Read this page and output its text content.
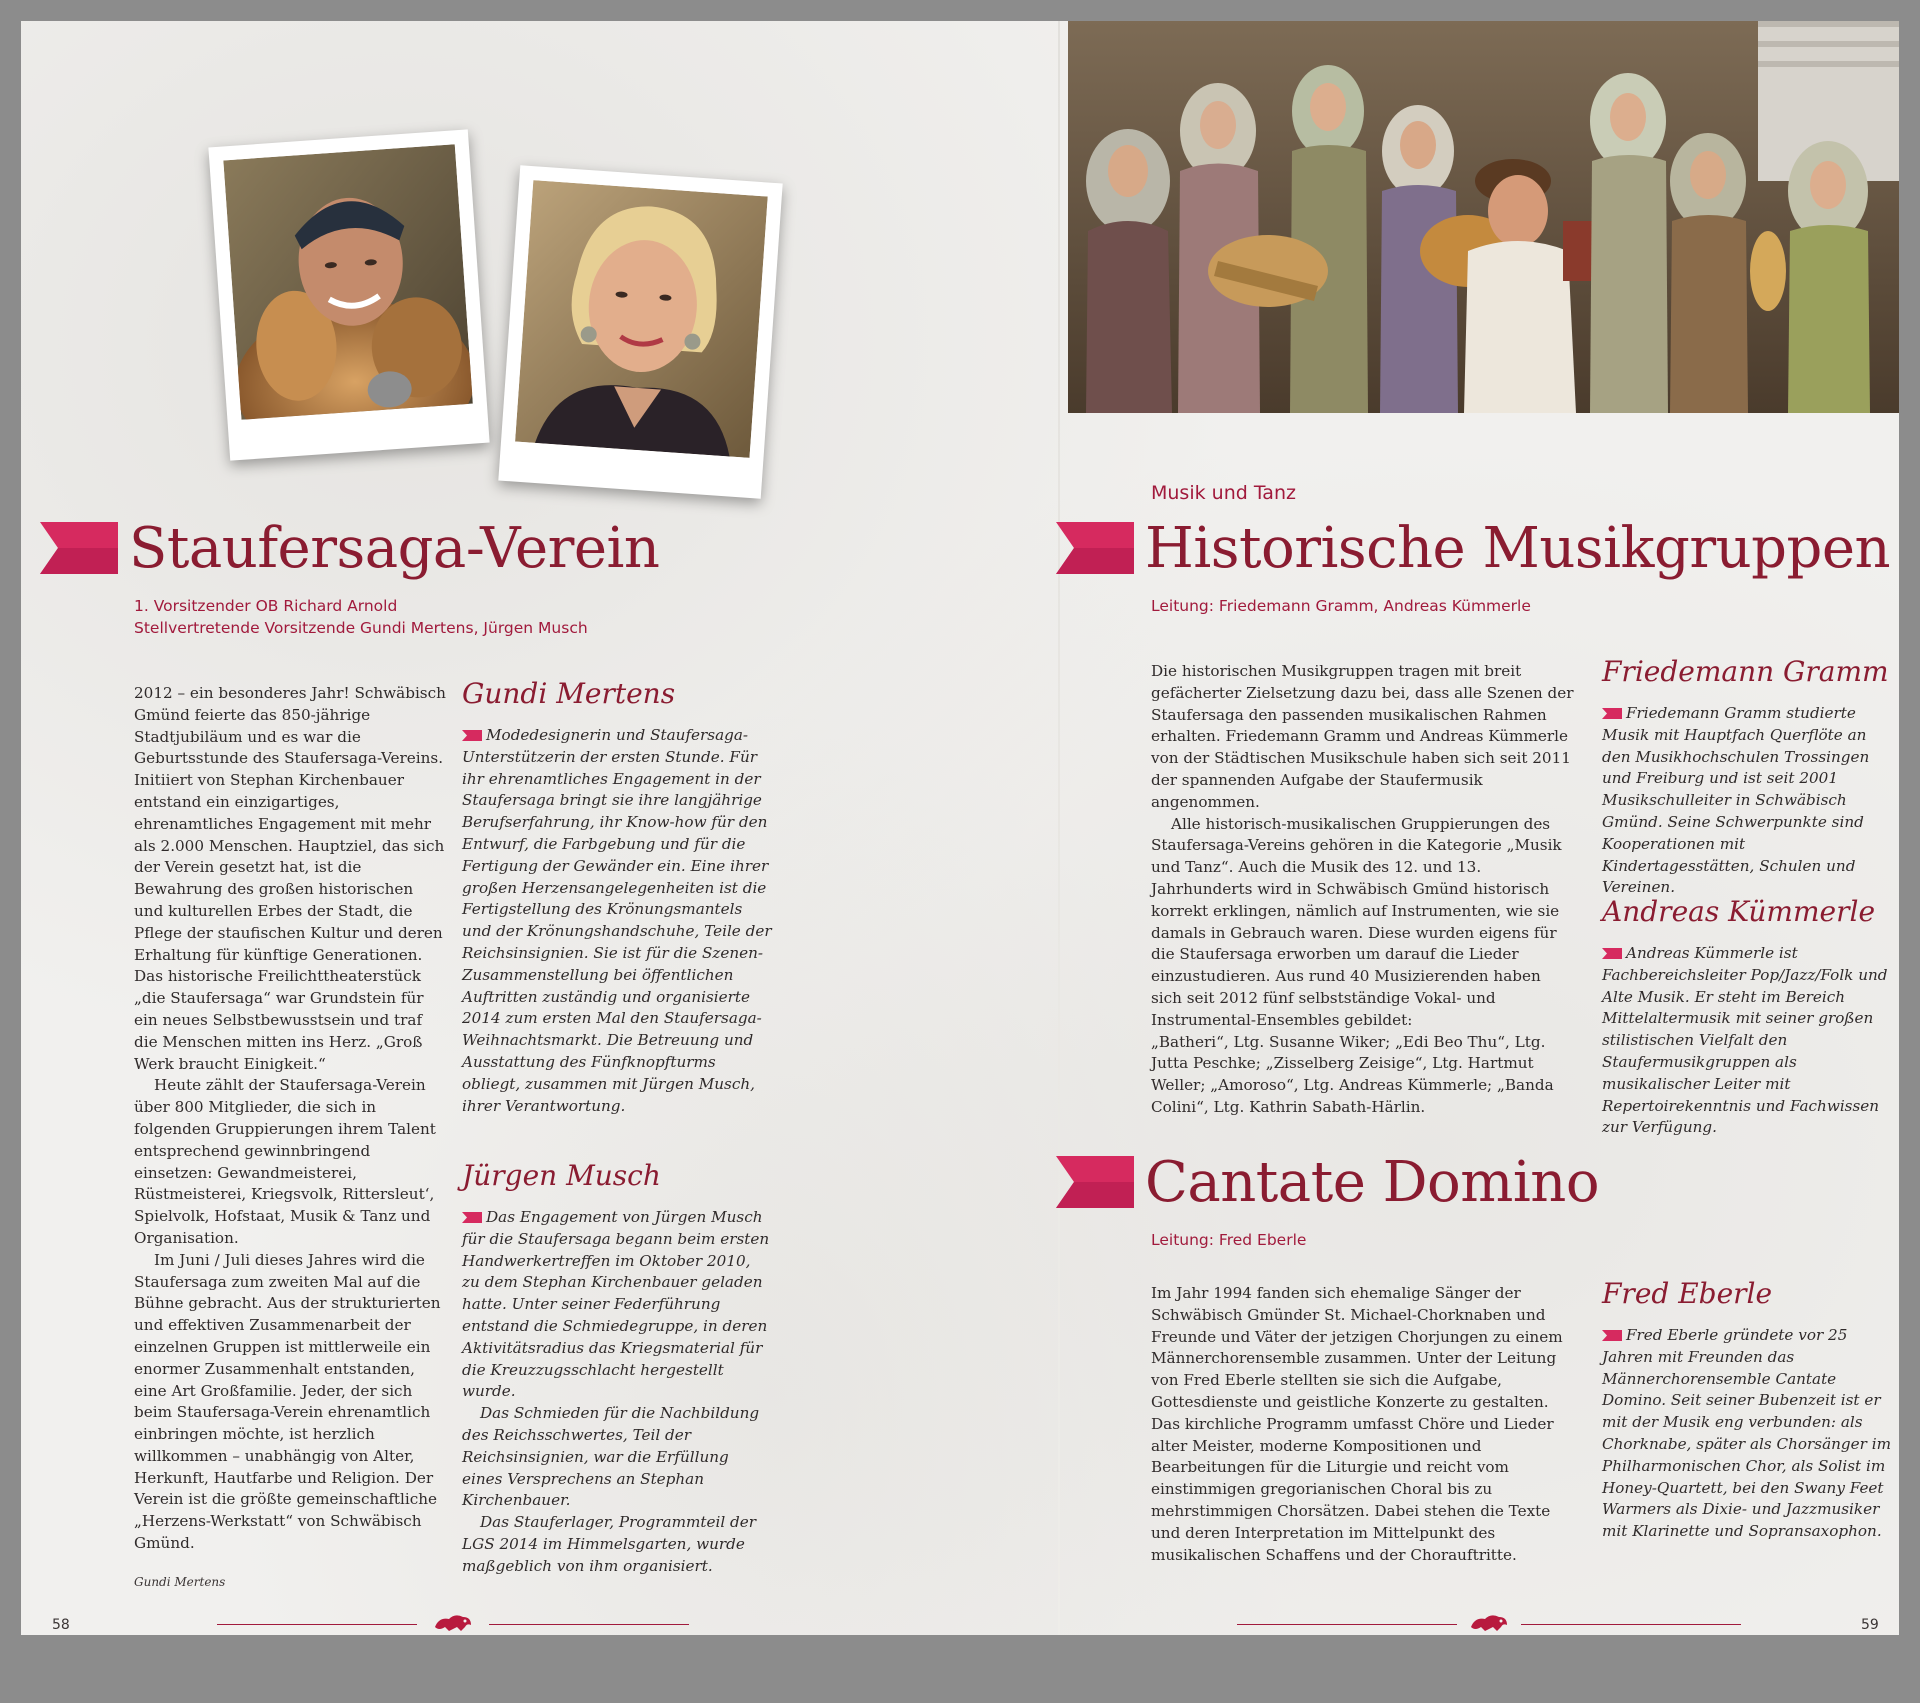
Staufersaga-Verein

1. Vorsitzender OB Richard Arnold

Stellvertretende Vorsitzende Gundi Mertens, Jürgen Musch

2012 – ein besonderes Jahr! Schwäbisch Gmünd feierte das 850-jährige Stadtjubiläum und es war die Geburtsstunde des Staufersaga-Vereins. Initiiert von Stephan Kirchenbauer entstand ein einzigartiges, ehrenamtliches Engagement mit mehr als 2.000 Menschen. Hauptziel, das sich der Verein gesetzt hat, ist die Bewahrung des großen historischen und kulturellen Erbes der Stadt, die Pflege der staufischen Kultur und deren Erhaltung für künftige Generationen. Das historische Freilichttheaterstück „die Staufersaga“ war Grundstein für ein neues Selbstbewusstsein und traf die Menschen mitten ins Herz. „Groß Werk braucht Einigkeit.“

Heute zählt der Staufersaga-Verein über 800 Mitglieder, die sich in folgenden Gruppierungen ihrem Talent entsprechend gewinnbringend einsetzen: Gewandmeisterei, Rüstmeisterei, Kriegsvolk, Rittersleut‘, Spielvolk, Hofstaat, Musik & Tanz und Organisation.

Im Juni / Juli dieses Jahres wird die Staufersaga zum zweiten Mal auf die Bühne gebracht. Aus der strukturierten und effektiven Zusammenarbeit der einzelnen Gruppen ist mittlerweile ein enormer Zusammenhalt entstanden, eine Art Großfamilie. Jeder, der sich beim Staufersaga-Verein ehrenamtlich einbringen möchte, ist herzlich willkommen – unabhängig von Alter, Herkunft, Hautfarbe und Religion. Der Verein ist die größte gemeinschaftliche „Herzens-Werkstatt“ von Schwäbisch Gmünd.

Gundi Mertens

Gundi Mertens

Modedesignerin und Staufersaga-Unterstützerin der ersten Stunde. Für ihr ehrenamtliches Engagement in der Staufersaga bringt sie ihre langjährige Berufserfahrung, ihr Know-how für den Entwurf, die Farbgebung und für die Fertigung der Gewänder ein. Eine ihrer großen Herzensangelegenheiten ist die Fertigstellung des Krönungsmantels und der Krönungshandschuhe, Teile der Reichsinsignien. Sie ist für die Szenen-Zusammenstellung bei öffentlichen Auftritten zuständig und organisierte 2014 zum ersten Mal den Staufersaga-Weihnachtsmarkt. Die Betreuung und Ausstattung des Fünfknopfturms obliegt, zusammen mit Jürgen Musch, ihrer Verantwortung.

Jürgen Musch

Das Engagement von Jürgen Musch für die Staufersaga begann beim ersten Handwerkertreffen im Oktober 2010, zu dem Stephan Kirchenbauer geladen hatte. Unter seiner Federführung entstand die Schmiedegruppe, in deren Aktivitätsradius das Kriegsmaterial für die Kreuzzugsschlacht hergestellt wurde.

Das Schmieden für die Nachbildung des Reichsschwertes, Teil der Reichsinsignien, war die Erfüllung eines Versprechens an Stephan Kirchenbauer.

Das Stauferlager, Programmteil der LGS 2014 im Himmelsgarten, wurde maßgeblich von ihm organisiert.

58

Musik und Tanz

Historische Musikgruppen

Leitung: Friedemann Gramm, Andreas Kümmerle

Die historischen Musikgruppen tragen mit breit gefächerter Zielsetzung dazu bei, dass alle Szenen der Staufersaga den passenden musikalischen Rahmen erhalten. Friedemann Gramm und Andreas Kümmerle von der Städtischen Musikschule haben sich seit 2011 der spannenden Aufgabe der Staufermusik angenommen.

Alle historisch-musikalischen Gruppierungen des Staufersaga-Vereins gehören in die Kategorie „Musik und Tanz“. Auch die Musik des 12. und 13. Jahrhunderts wird in Schwäbisch Gmünd historisch korrekt erklingen, nämlich auf Instrumenten, wie sie damals in Gebrauch waren. Diese wurden eigens für die Staufersaga erworben um darauf die Lieder einzustudieren. Aus rund 40 Musizierenden haben sich seit 2012 fünf selbstständige Vokal- und Instrumental-Ensembles gebildet:

„Batheri“, Ltg. Susanne Wiker; „Edi Beo Thu“, Ltg. Jutta Peschke; „Zisselberg Zeisige“, Ltg. Hartmut Weller; „Amoroso“, Ltg. Andreas Kümmerle; „Banda Colini“, Ltg. Kathrin Sabath-Härlin.

Friedemann Gramm

Friedemann Gramm studierte Musik mit Hauptfach Querflöte an den Musikhochschulen Trossingen und Freiburg und ist seit 2001 Musikschulleiter in Schwäbisch Gmünd. Seine Schwerpunkte sind Kooperationen mit Kindertagesstätten, Schulen und Vereinen.

Andreas Kümmerle

Andreas Kümmerle ist Fachbereichsleiter Pop/Jazz/Folk und Alte Musik. Er steht im Bereich Mittelaltermusik mit seiner großen stilistischen Vielfalt den Staufermusikgruppen als musikalischer Leiter mit Repertoirekenntnis und Fachwissen zur Verfügung.

Cantate Domino

Leitung: Fred Eberle

Im Jahr 1994 fanden sich ehemalige Sänger der Schwäbisch Gmünder St. Michael-Chorknaben und Freunde und Väter der jetzigen Chorjungen zu einem Männerchorensemble zusammen. Unter der Leitung von Fred Eberle stellten sie sich die Aufgabe, Gottesdienste und geistliche Konzerte zu gestalten. Das kirchliche Programm umfasst Chöre und Lieder alter Meister, moderne Kompositionen und Bearbeitungen für die Liturgie und reicht vom einstimmigen gregorianischen Choral bis zu mehrstimmigen Chorsätzen. Dabei stehen die Texte und deren Interpretation im Mittelpunkt des musikalischen Schaffens und der Chorauftritte.

Fred Eberle

Fred Eberle gründete vor 25 Jahren mit Freunden das Männerchorensemble Cantate Domino. Seit seiner Bubenzeit ist er mit der Musik eng verbunden: als Chorknabe, später als Chorsänger im Philharmonischen Chor, als Solist im Honey-Quartett, bei den Swany Feet Warmers als Dixie- und Jazzmusiker mit Klarinette und Sopransaxophon.

59
